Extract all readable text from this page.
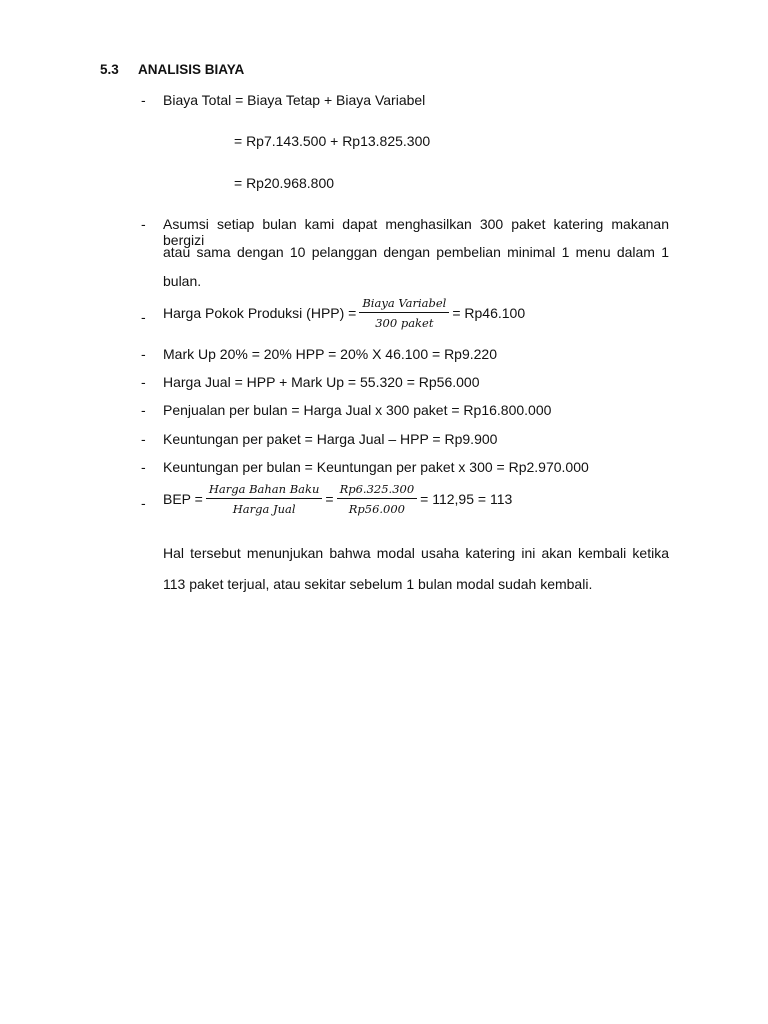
5.3 ANALISIS BIAYA
- Biaya Total = Biaya Tetap + Biaya Variabel
= Rp7.143.500 + Rp13.825.300
= Rp20.968.800
- Asumsi setiap bulan kami dapat menghasilkan 300 paket katering makanan bergizi
atau sama dengan 10 pelanggan dengan pembelian minimal 1 menu dalam 1
bulan.
- Harga Pokok Produksi $(HPP) = \frac{\text{Biaya Variabel}}{\text{300 paket}} = Rp46.100$
- Mark Up 20% = 20% HPP = 20% X 46.100 = Rp9.220
- Harga Jual = HPP + Mark Up = 55.320 = Rp56.000
- Penjualan per bulan = Harga Jual x 300 paket = Rp16.800.000
- Keuntungan per paket = Harga Jual – HPP = Rp9.900
- Keuntungan per bulan = Keuntungan per paket x 300 = Rp2.970.000
- BEP = $\frac{\text{Harga Bahan Baku}}{\text{Harga Jual}} = \frac{Rp6.325.300}{Rp56.000} = 112,95 = 113$
Hal tersebut menunjukan bahwa modal usaha katering ini akan kembali ketika
113 paket terjual, atau sekitar sebelum 1 bulan modal sudah kembali.
